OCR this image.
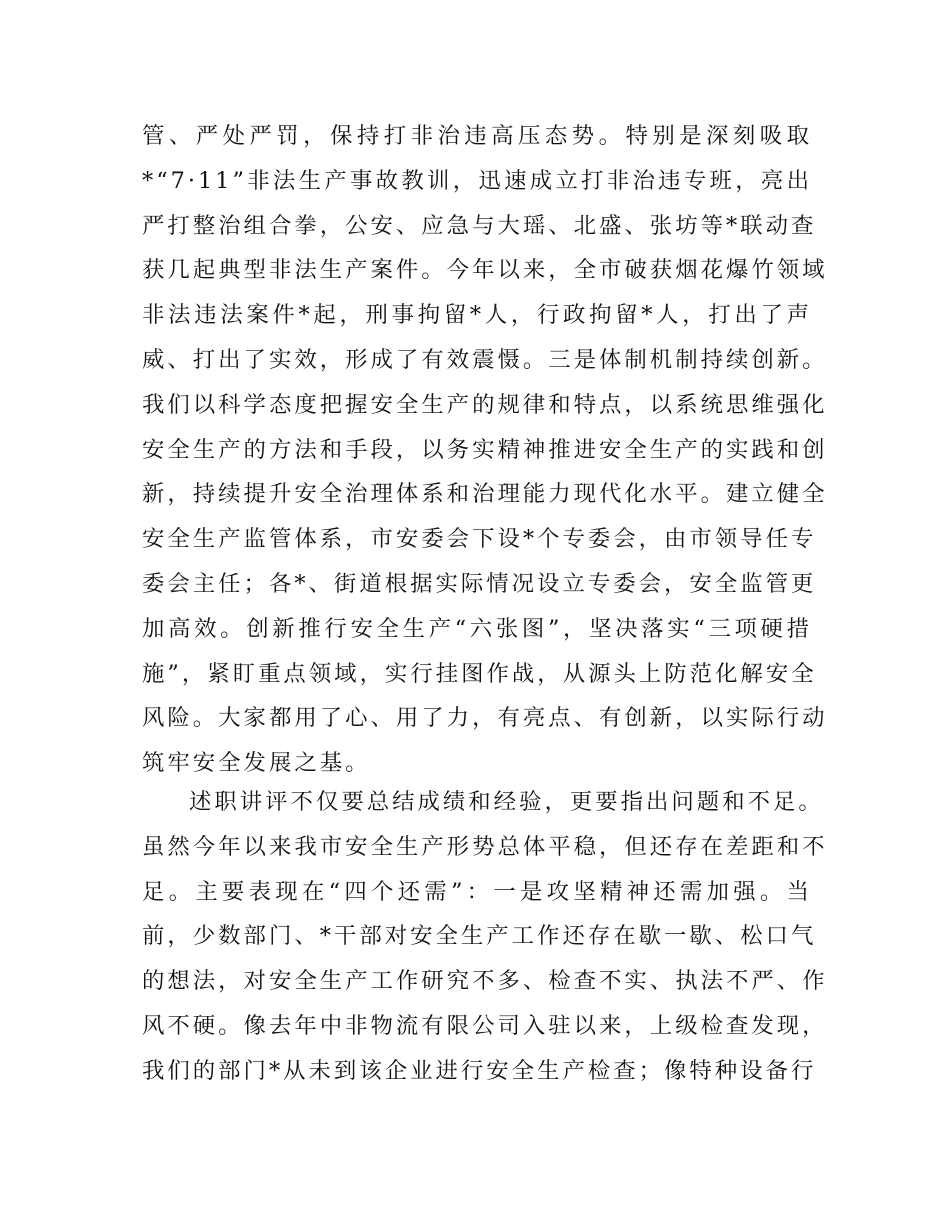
管、严处严罚，保持打非治违高压态势。特别是深刻吸取
*“7·11”非法生产事故教训，迅速成立打非治违专班，亮出
严打整治组合拳，公安、应急与大瑶、北盛、张坊等*联动查
获几起典型非法生产案件。今年以来，全市破获烟花爆竹领域
非法违法案件*起，刑事拘留*人，行政拘留*人，打出了声
威、打出了实效，形成了有效震慑。三是体制机制持续创新。
我们以科学态度把握安全生产的规律和特点，以系统思维强化
安全生产的方法和手段，以务实精神推进安全生产的实践和创
新，持续提升安全治理体系和治理能力现代化水平。建立健全
安全生产监管体系，市安委会下设*个专委会，由市领导任专
委会主任；各*、街道根据实际情况设立专委会，安全监管更
加高效。创新推行安全生产“六张图”，坚决落实“三项硬措
施”，紧盯重点领域，实行挂图作战，从源头上防范化解安全
风险。大家都用了心、用了力，有亮点、有创新，以实际行动
筑牢安全发展之基。
述职讲评不仅要总结成绩和经验，更要指出问题和不足。
虽然今年以来我市安全生产形势总体平稳，但还存在差距和不
足。主要表现在“四个还需”：一是攻坚精神还需加强。当
前，少数部门、*干部对安全生产工作还存在歇一歇、松口气
的想法，对安全生产工作研究不多、检查不实、执法不严、作
风不硬。像去年中非物流有限公司入驻以来，上级检查发现，
我们的部门*从未到该企业进行安全生产检查；像特种设备行
